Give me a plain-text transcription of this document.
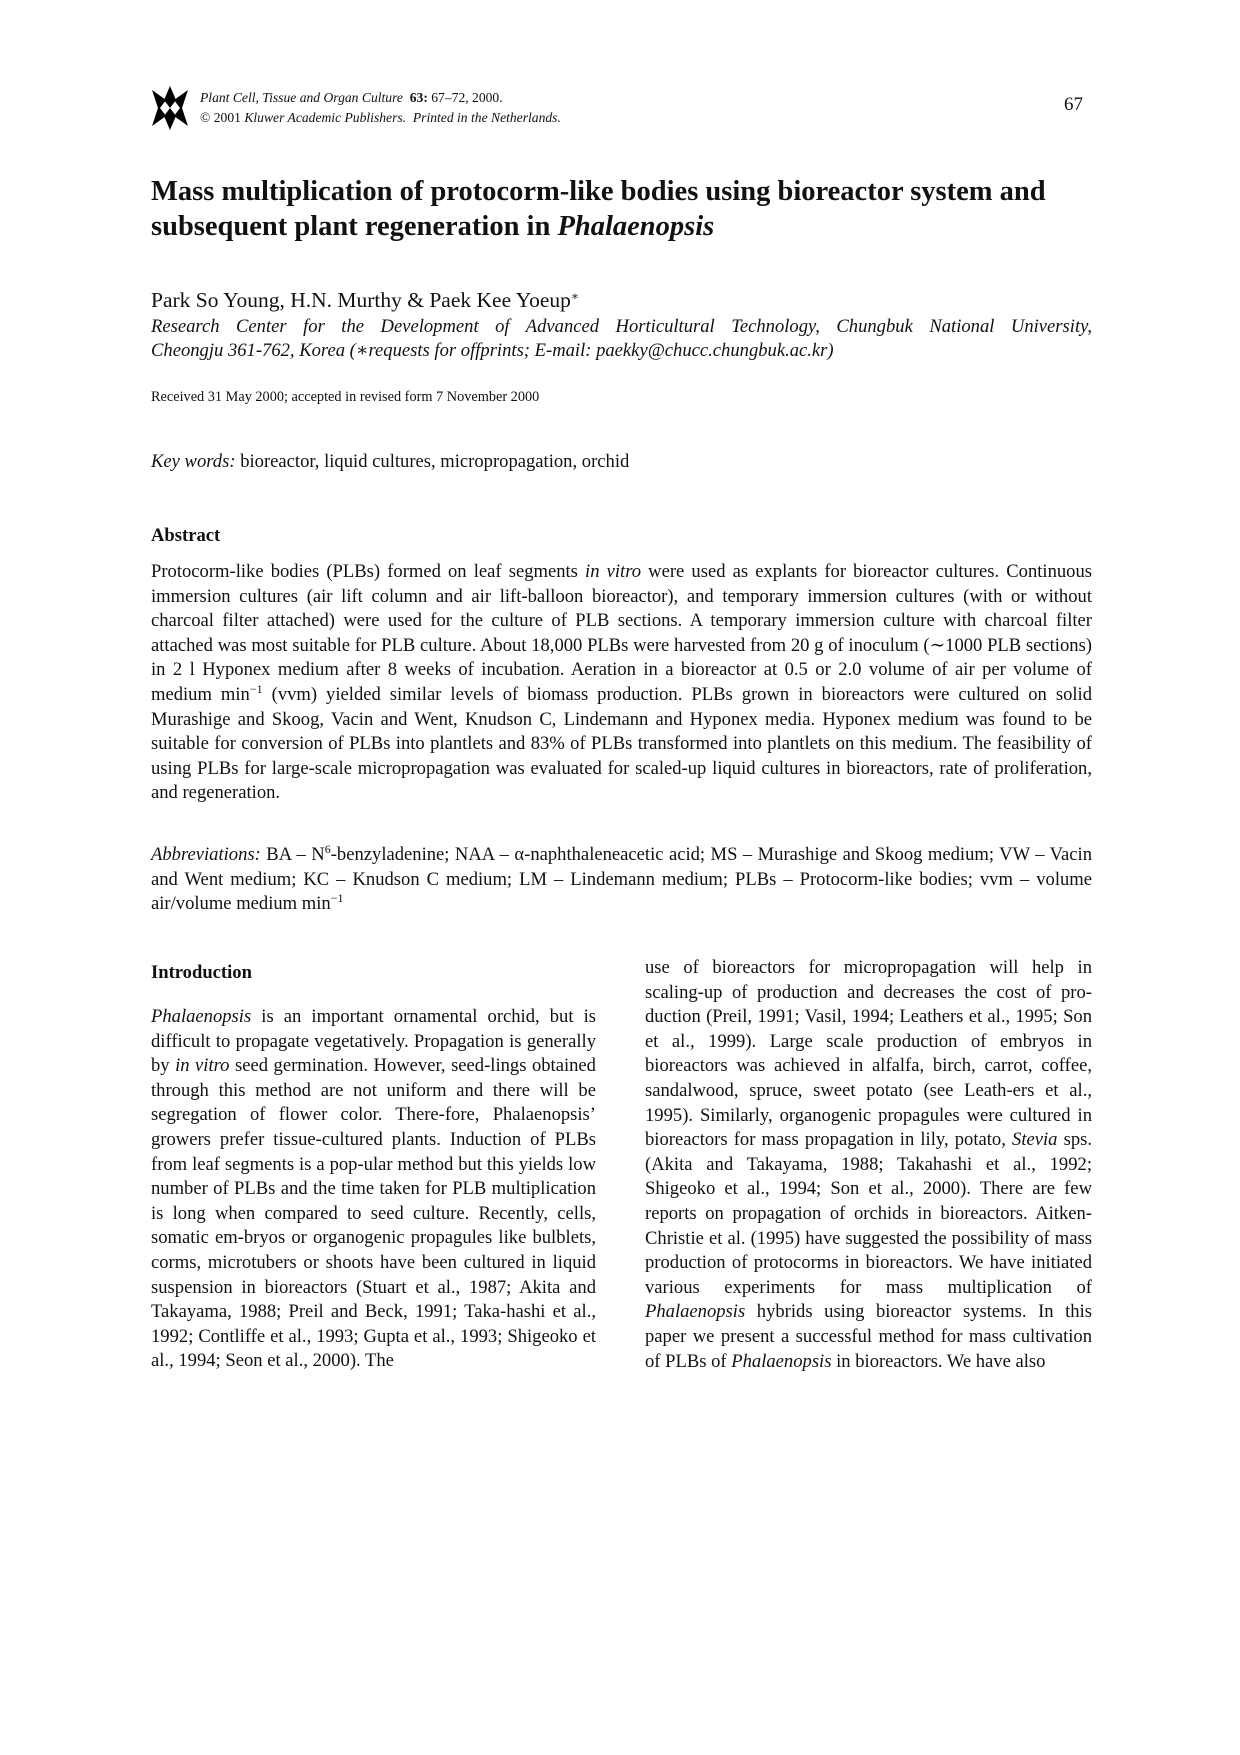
Plant Cell, Tissue and Organ Culture 63: 67–72, 2000.
© 2001 Kluwer Academic Publishers. Printed in the Netherlands.
67
Mass multiplication of protocorm-like bodies using bioreactor system and subsequent plant regeneration in Phalaenopsis
Park So Young, H.N. Murthy & Paek Kee Yoeup∗
Research Center for the Development of Advanced Horticultural Technology, Chungbuk National University,
Cheongju 361-762, Korea (∗requests for offprints; E-mail: paekky@chucc.chungbuk.ac.kr)
Received 31 May 2000; accepted in revised form 7 November 2000
Key words: bioreactor, liquid cultures, micropropagation, orchid
Abstract

Protocorm-like bodies (PLBs) formed on leaf segments in vitro were used as explants for bioreactor cultures. Continuous immersion cultures (air lift column and air lift-balloon bioreactor), and temporary immersion cultures (with or without charcoal filter attached) were used for the culture of PLB sections. A temporary immersion culture with charcoal filter attached was most suitable for PLB culture. About 18,000 PLBs were harvested from 20 g of inoculum (∼1000 PLB sections) in 2 l Hyponex medium after 8 weeks of incubation. Aeration in a bioreactor at 0.5 or 2.0 volume of air per volume of medium $\min^{-1} (vvm)$ yielded similar levels of biomass production. PLBs grown in bioreactors were cultured on solid Murashige and Skoog, Vacin and Went, Knudson C, Lindemann and Hyponex media. Hyponex medium was found to be suitable for conversion of PLBs into plantlets and 83% of PLBs transformed into plantlets on this medium. The feasibility of using PLBs for large-scale micropropagation was evaluated for scaled-up liquid cultures in bioreactors, rate of proliferation, and regeneration.

Abbreviations: BA – $N^6$-benzyladenine; NAA – α-naphthaleneacetic acid; MS – Murashige and Skoog medium; VW – Vacin and Went medium; KC – Knudson C medium; LM – Lindemann medium; PLBs – Protocorm-like bodies; vvm – volume air/volume medium $\min^{-1}$

Introduction

Phalaenopsis is an important ornamental orchid, but is difficult to propagate vegetatively. Propagation is generally by in vitro seed germination. However, seed-lings obtained through this method are not uniform and there will be segregation of flower color. There-fore, Phalaenopsis’ growers prefer tissue-cultured plants. Induction of PLBs from leaf segments is a pop-ular method but this yields low number of PLBs and the time taken for PLB multiplication is long when compared to seed culture. Recently, cells, somatic em-bryos or organogenic propagules like bulblets, corms, microtubers or shoots have been cultured in liquid suspension in bioreactors (Stuart et al., 1987; Akita and Takayama, 1988; Preil and Beck, 1991; Taka-hashi et al., 1992; Contliffe et al., 1993; Gupta et al., 1993; Shigeoko et al., 1994; Seon et al., 2000). The

use of bioreactors for micropropagation will help in scaling-up of production and decreases the cost of pro-duction (Preil, 1991; Vasil, 1994; Leathers et al., 1995; Son et al., 1999). Large scale production of embryos in bioreactors was achieved in alfalfa, birch, carrot, coffee, sandalwood, spruce, sweet potato (see Leath-ers et al., 1995). Similarly, organogenic propagules were cultured in bioreactors for mass propagation in lily, potato, Stevia sps. (Akita and Takayama, 1988; Takahashi et al., 1992; Shigeoko et al., 1994; Son et al., 2000). There are few reports on propagation of orchids in bioreactors. Aitken-Christie et al. (1995) have suggested the possibility of mass production of protocorms in bioreactors. We have initiated various experiments for mass multiplication of Phalaenopsis hybrids using bioreactor systems. In this paper we present a successful method for mass cultivation of PLBs of Phalaenopsis in bioreactors. We have also
